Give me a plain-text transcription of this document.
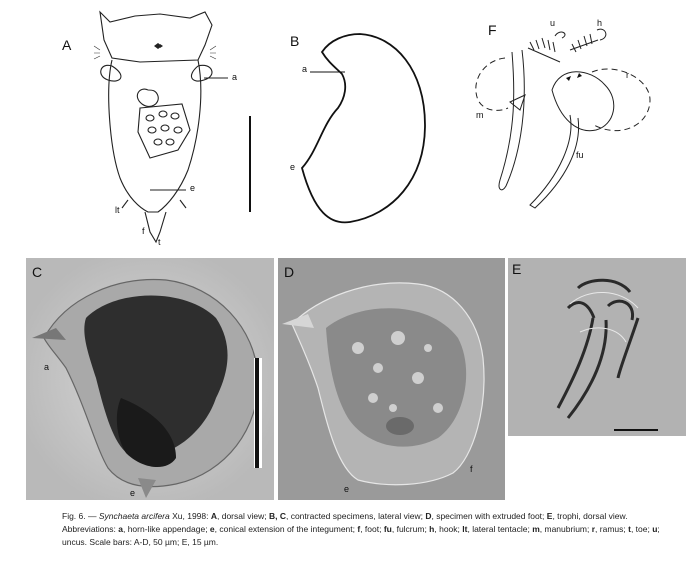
A
a
e
lt
f
t
B
a
e
F	u	h
r
m
fu
C
a
e
D
e
f
E
Fig. 6. — Synchaeta arcifera Xu, 1998: A, dorsal view; B, C, contracted specimens, lateral view; D, specimen with extruded foot; E, trophi, dorsal view.
Abbreviations: a, horn-like appendage; e, conical extension of the integument; f, foot; fu, fulcrum; h, hook; lt, lateral tentacle; m, manubrium; r, ramus; t, toe; u; uncus. Scale bars: A-D, 50 µm; E, 15 µm.
